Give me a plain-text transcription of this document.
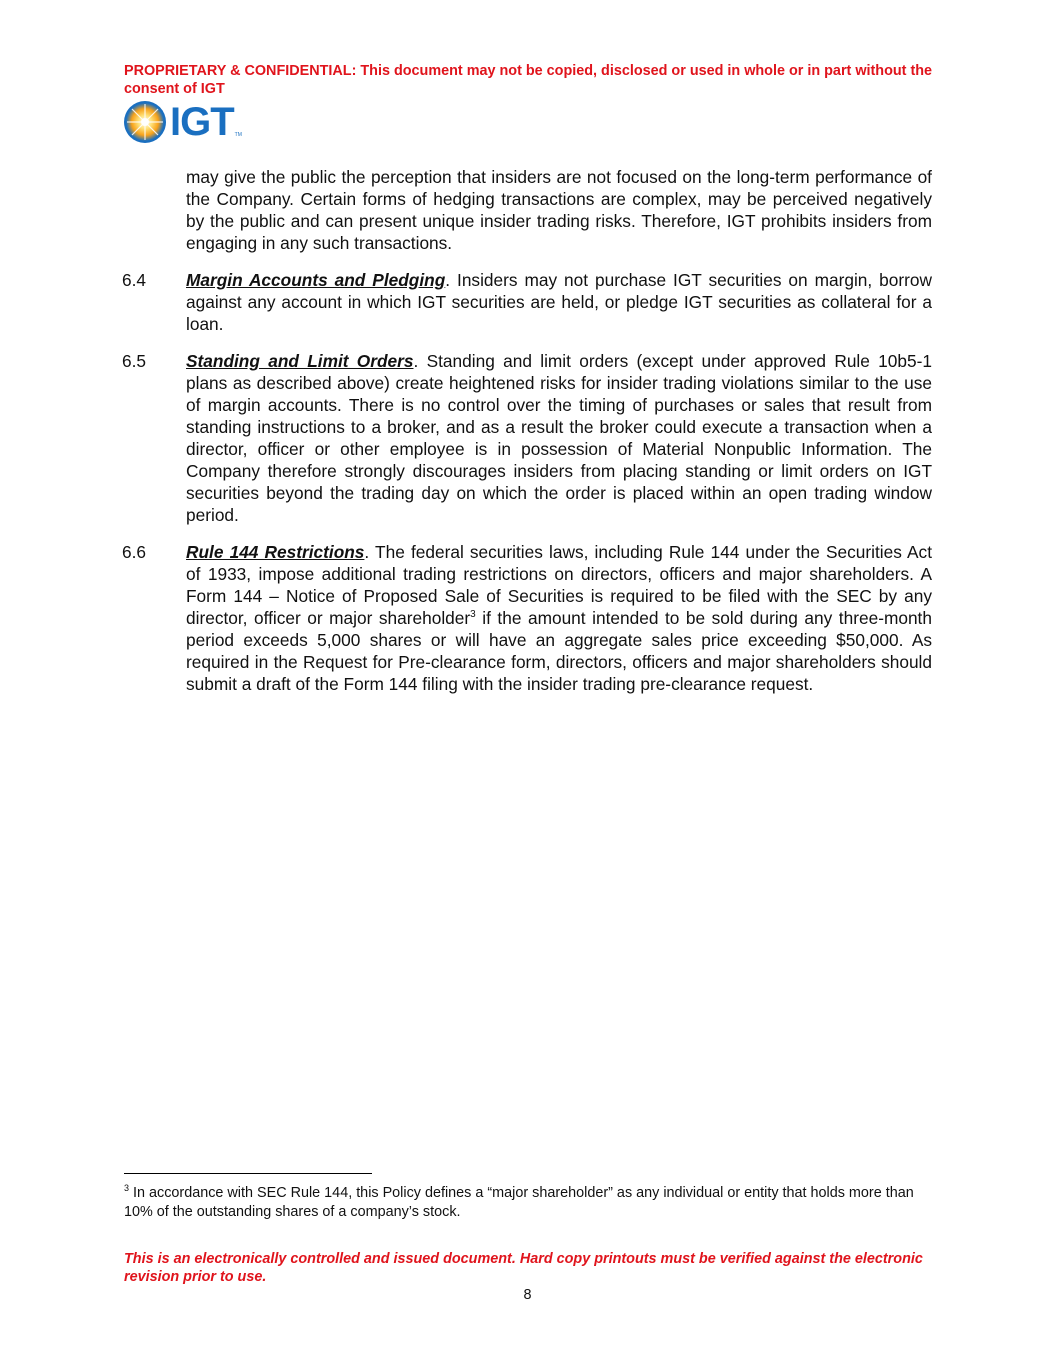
PROPRIETARY & CONFIDENTIAL: This document may not be copied, disclosed or used in whole or in part without the consent of IGT
IGT TM
may give the public the perception that insiders are not focused on the long-term performance of the Company. Certain forms of hedging transactions are complex, may be perceived negatively by the public and can present unique insider trading risks. Therefore, IGT prohibits insiders from engaging in any such transactions.
6.4	Margin Accounts and Pledging. Insiders may not purchase IGT securities on margin, borrow against any account in which IGT securities are held, or pledge IGT securities as collateral for a loan.
6.5	Standing and Limit Orders. Standing and limit orders (except under approved Rule 10b5-1 plans as described above) create heightened risks for insider trading violations similar to the use of margin accounts. There is no control over the timing of purchases or sales that result from standing instructions to a broker, and as a result the broker could execute a transaction when a director, officer or other employee is in possession of Material Nonpublic Information. The Company therefore strongly discourages insiders from placing standing or limit orders on IGT securities beyond the trading day on which the order is placed within an open trading window period.
6.6	Rule 144 Restrictions. The federal securities laws, including Rule 144 under the Securities Act of 1933, impose additional trading restrictions on directors, officers and major shareholders. A Form 144 – Notice of Proposed Sale of Securities is required to be filed with the SEC by any director, officer or major shareholder$^3$ if the amount intended to be sold during any three-month period exceeds 5,000 shares or will have an aggregate sales price exceeding $50,000. As required in the Request for Pre-clearance form, directors, officers and major shareholders should submit a draft of the Form 144 filing with the insider trading pre-clearance request.
$^3$ In accordance with SEC Rule 144, this Policy defines a “major shareholder” as any individual or entity that holds more than 10% of the outstanding shares of a company’s stock.
This is an electronically controlled and issued document. Hard copy printouts must be verified against the electronic revision prior to use.
8
